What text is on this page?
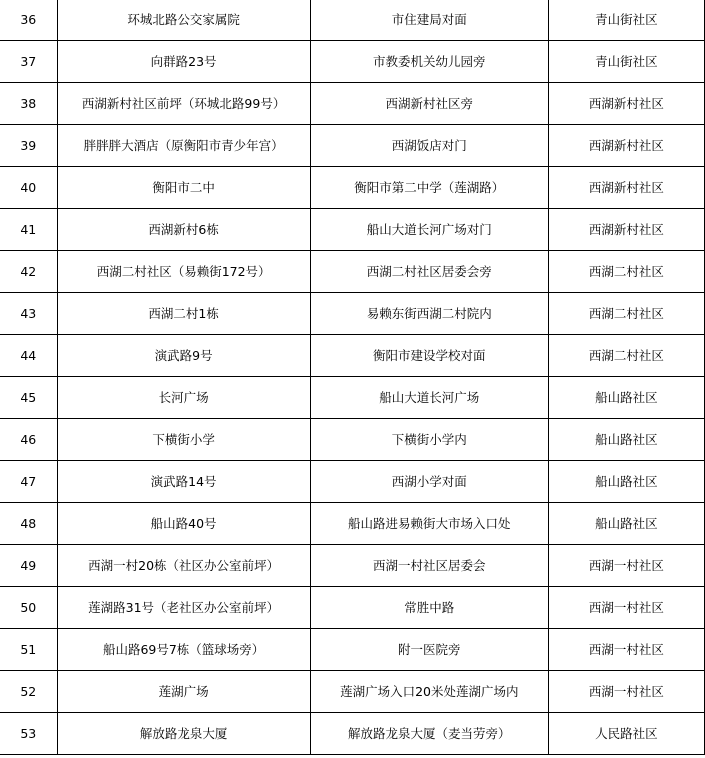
36	环城北路公交家属院	市住建局对面	青山街社区
37	向群路23号	市教委机关幼儿园旁	青山街社区
38	西湖新村社区前坪（环城北路99号）	西湖新村社区旁	西湖新村社区
39	胖胖胖大酒店（原衡阳市青少年宫）	西湖饭店对门	西湖新村社区
40	衡阳市二中	衡阳市第二中学（莲湖路）	西湖新村社区
41	西湖新村6栋	船山大道长河广场对门	西湖新村社区
42	西湖二村社区（易赖街172号）	西湖二村社区居委会旁	西湖二村社区
43	西湖二村1栋	易赖东街西湖二村院内	西湖二村社区
44	演武路9号	衡阳市建设学校对面	西湖二村社区
45	长河广场	船山大道长河广场	船山路社区
46	下横街小学	下横街小学内	船山路社区
47	演武路14号	西湖小学对面	船山路社区
48	船山路40号	船山路进易赖街大市场入口处	船山路社区
49	西湖一村20栋（社区办公室前坪）	西湖一村社区居委会	西湖一村社区
50	莲湖路31号（老社区办公室前坪）	常胜中路	西湖一村社区
51	船山路69号7栋（篮球场旁）	附一医院旁	西湖一村社区
52	莲湖广场	莲湖广场入口20米处莲湖广场内	西湖一村社区
53	解放路龙泉大厦	解放路龙泉大厦（麦当劳旁）	人民路社区
